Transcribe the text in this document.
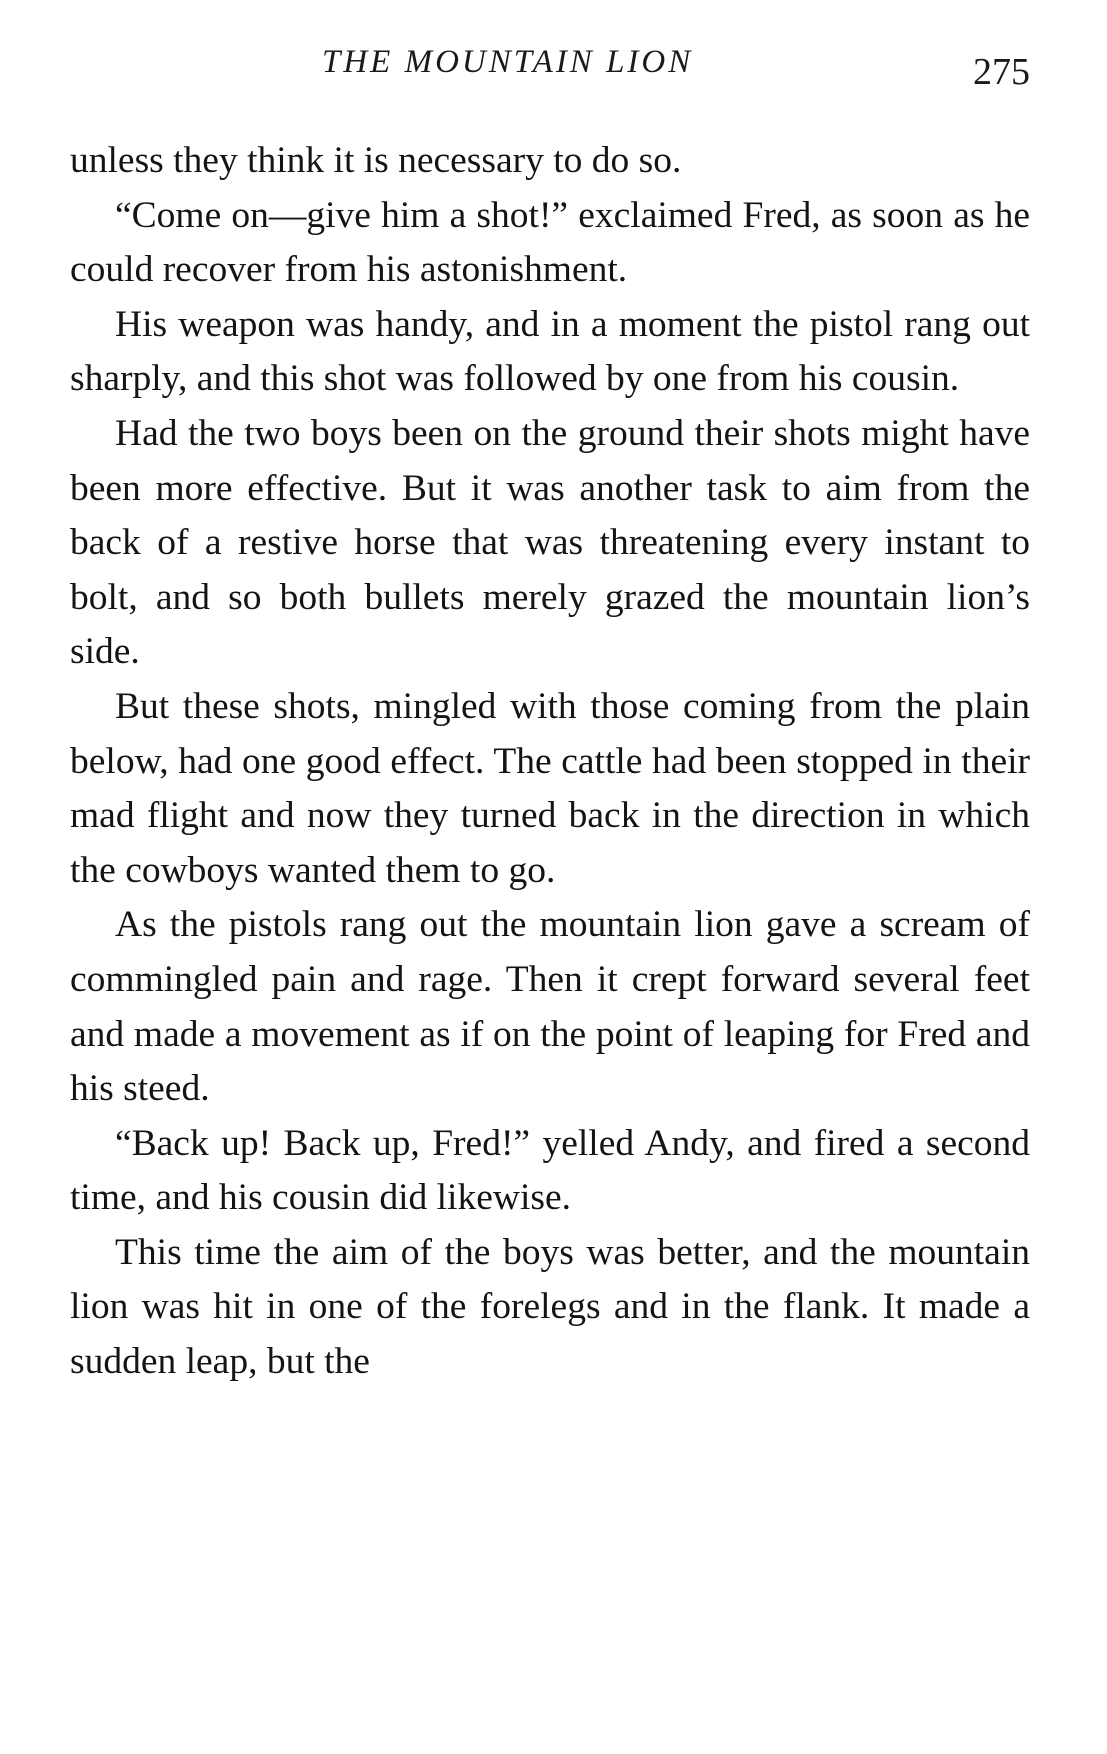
THE MOUNTAIN LION	275

unless they think it is necessary to do so.

“Come on—give him a shot!” exclaimed Fred, as soon as he could recover from his astonishment.

His weapon was handy, and in a moment the pistol rang out sharply, and this shot was followed by one from his cousin.

Had the two boys been on the ground their shots might have been more effective. But it was another task to aim from the back of a restive horse that was threatening every instant to bolt, and so both bullets merely grazed the mountain lion’s side.

But these shots, mingled with those coming from the plain below, had one good effect. The cattle had been stopped in their mad flight and now they turned back in the direction in which the cowboys wanted them to go.

As the pistols rang out the mountain lion gave a scream of commingled pain and rage. Then it crept forward several feet and made a movement as if on the point of leaping for Fred and his steed.

“Back up! Back up, Fred!” yelled Andy, and fired a second time, and his cousin did likewise.

This time the aim of the boys was better, and the mountain lion was hit in one of the forelegs and in the flank. It made a sudden leap, but the
